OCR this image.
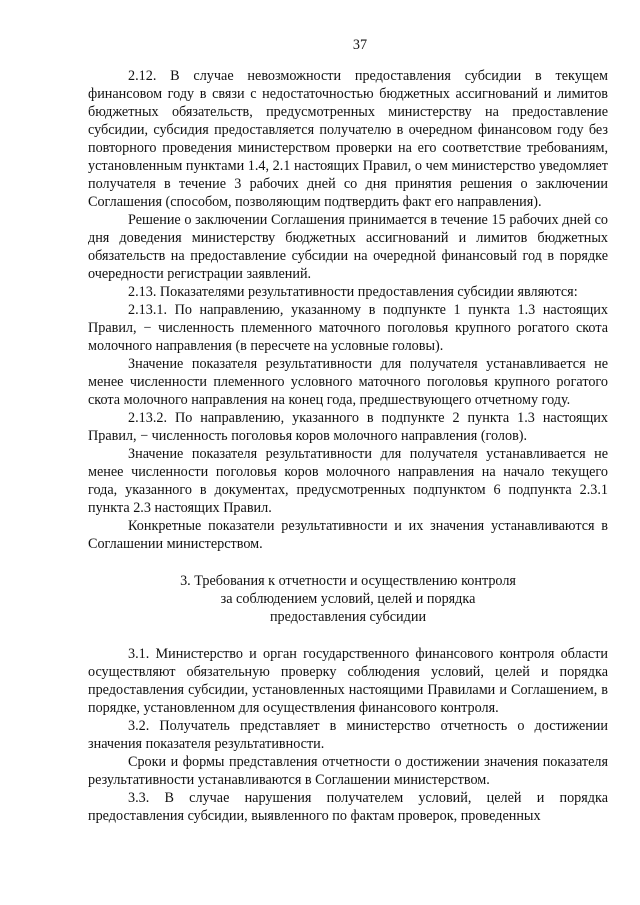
37

2.12. В случае невозможности предоставления субсидии в текущем финансовом году в связи с недостаточностью бюджетных ассигнований и лимитов бюджетных обязательств, предусмотренных министерству на предоставление субсидии, субсидия предоставляется получателю в очередном финансовом году без повторного проведения министерством проверки на его соответствие требованиям, установленным пунктами 1.4, 2.1 настоящих Правил, о чем министерство уведомляет получателя в течение 3 рабочих дней со дня принятия решения о заключении Соглашения (способом, позволяющим подтвердить факт его направления).

Решение о заключении Соглашения принимается в течение 15 рабочих дней со дня доведения министерству бюджетных ассигнований и лимитов бюджетных обязательств на предоставление субсидии на очередной финансовый год в порядке очередности регистрации заявлений.

2.13. Показателями результативности предоставления субсидии являются:

2.13.1. По направлению, указанному в подпункте 1 пункта 1.3 настоящих Правил, − численность племенного маточного поголовья крупного рогатого скота молочного направления (в пересчете на условные головы).

Значение показателя результативности для получателя устанавливается не менее численности племенного условного маточного поголовья крупного рогатого скота молочного направления на конец года, предшествующего отчетному году.

2.13.2. По направлению, указанного в подпункте 2 пункта 1.3 настоящих Правил, − численность поголовья коров молочного направления (голов).

Значение показателя результативности для получателя устанавливается не менее численности поголовья коров молочного направления на начало текущего года, указанного в документах, предусмотренных подпунктом 6 подпункта 2.3.1 пункта 2.3 настоящих Правил.

Конкретные показатели результативности и их значения устанавливаются в Соглашении министерством.

3. Требования к отчетности и осуществлению контроля
за соблюдением условий, целей и порядка
предоставления субсидии

3.1. Министерство и орган государственного финансового контроля области осуществляют обязательную проверку соблюдения условий, целей и порядка предоставления субсидии, установленных настоящими Правилами и Соглашением, в порядке, установленном для осуществления финансового контроля.

3.2. Получатель представляет в министерство отчетность о достижении значения показателя результативности.

Сроки и формы представления отчетности о достижении значения показателя результативности устанавливаются в Соглашении министерством.

3.3. В случае нарушения получателем условий, целей и порядка предоставления субсидии, выявленного по фактам проверок, проведенных
